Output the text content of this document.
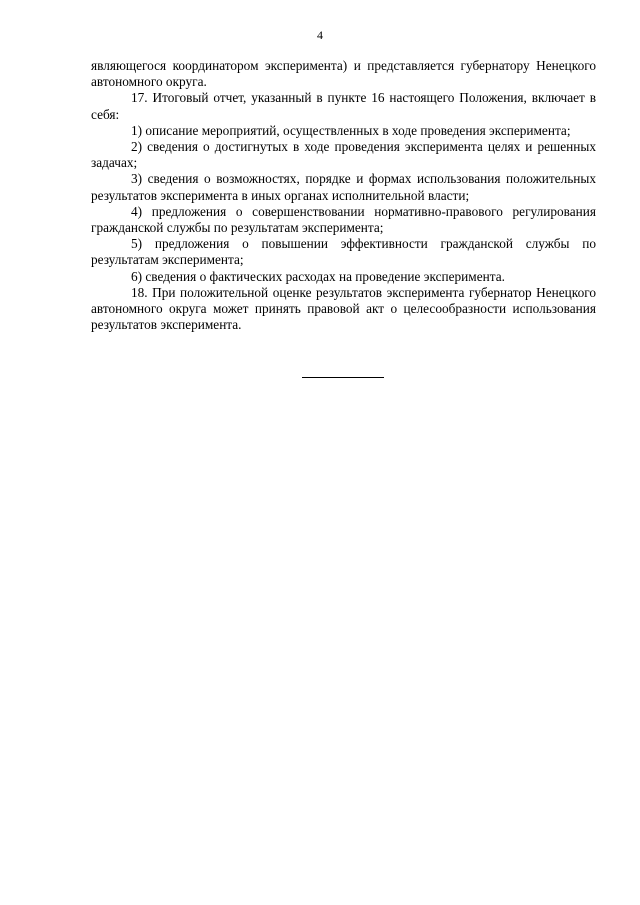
4

являющегося координатором эксперимента) и представляется губернатору Ненецкого автономного округа.

17. Итоговый отчет, указанный в пункте 16 настоящего Положения, включает в себя:

1) описание мероприятий, осуществленных в ходе проведения эксперимента;

2) сведения о достигнутых в ходе проведения эксперимента целях и решенных задачах;

3) сведения о возможностях, порядке и формах использования положительных результатов эксперимента в иных органах исполнительной власти;

4) предложения о совершенствовании нормативно-правового регулирования гражданской службы по результатам эксперимента;

5) предложения о повышении эффективности гражданской службы по результатам эксперимента;

6) сведения о фактических расходах на проведение эксперимента.

18. При положительной оценке результатов эксперимента губернатор Ненецкого автономного округа может принять правовой акт о целесообразности использования результатов эксперимента.
